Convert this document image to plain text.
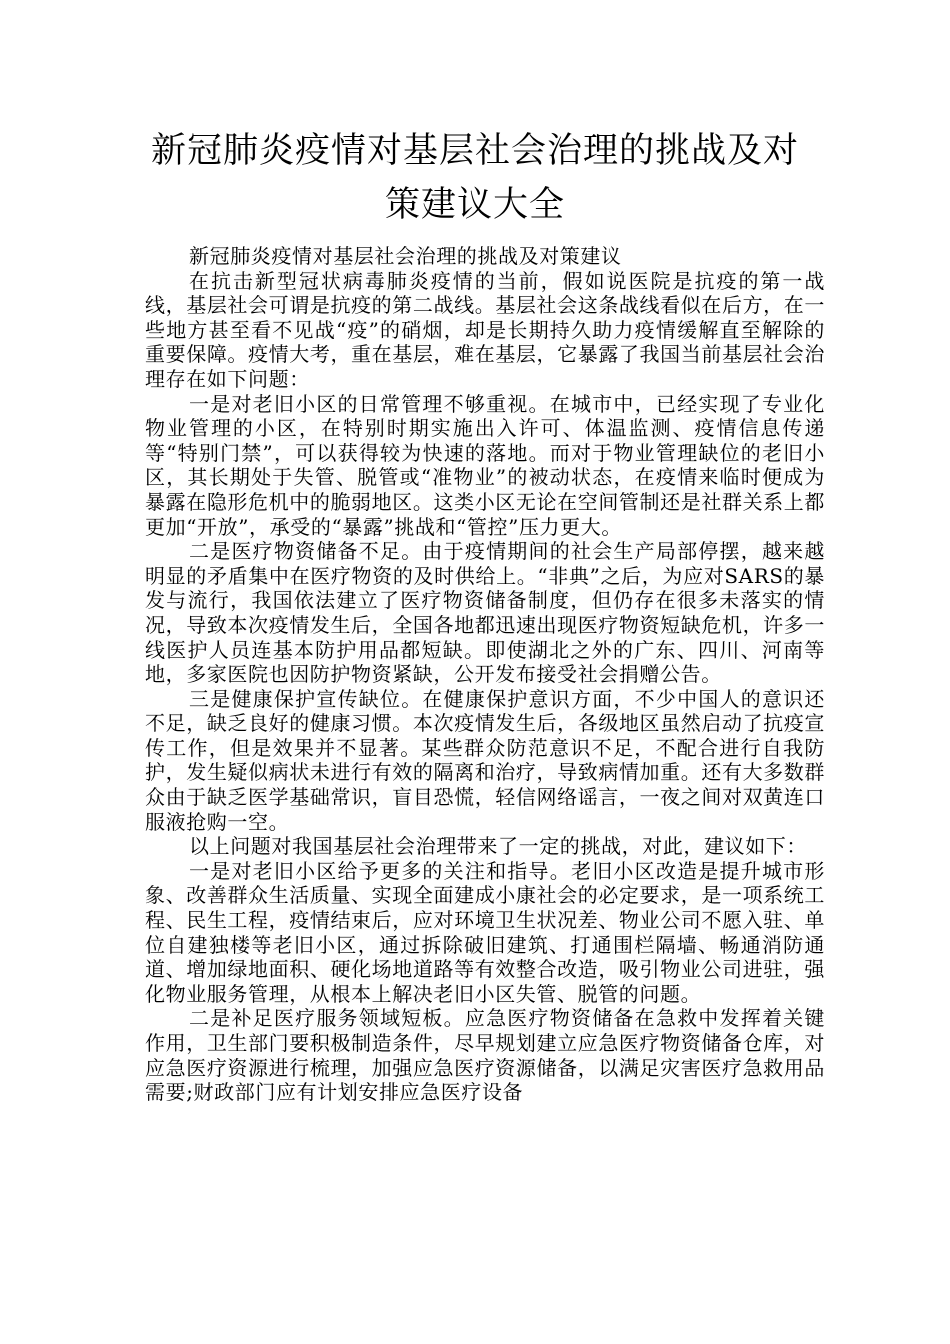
新冠肺炎疫情对基层社会治理的挑战及对策建议大全

新冠肺炎疫情对基层社会治理的挑战及对策建议

在抗击新型冠状病毒肺炎疫情的当前，假如说医院是抗疫的第一战线，基层社会可谓是抗疫的第二战线。基层社会这条战线看似在后方，在一些地方甚至看不见战“疫”的硝烟，却是长期持久助力疫情缓解直至解除的重要保障。疫情大考，重在基层，难在基层，它暴露了我国当前基层社会治理存在如下问题：

一是对老旧小区的日常管理不够重视。在城市中，已经实现了专业化物业管理的小区，在特别时期实施出入许可、体温监测、疫情信息传递等“特别门禁”，可以获得较为快速的落地。而对于物业管理缺位的老旧小区，其长期处于失管、脱管或“准物业”的被动状态，在疫情来临时便成为暴露在隐形危机中的脆弱地区。这类小区无论在空间管制还是社群关系上都更加“开放”，承受的“暴露”挑战和“管控”压力更大。

二是医疗物资储备不足。由于疫情期间的社会生产局部停摆，越来越明显的矛盾集中在医疗物资的及时供给上。“非典”之后，为应对SARS的暴发与流行，我国依法建立了医疗物资储备制度，但仍存在很多未落实的情况，导致本次疫情发生后，全国各地都迅速出现医疗物资短缺危机，许多一线医护人员连基本防护用品都短缺。即使湖北之外的广东、四川、河南等地，多家医院也因防护物资紧缺，公开发布接受社会捐赠公告。

三是健康保护宣传缺位。在健康保护意识方面，不少中国人的意识还不足，缺乏良好的健康习惯。本次疫情发生后，各级地区虽然启动了抗疫宣传工作，但是效果并不显著。某些群众防范意识不足，不配合进行自我防护，发生疑似病状未进行有效的隔离和治疗，导致病情加重。还有大多数群众由于缺乏医学基础常识，盲目恐慌，轻信网络谣言，一夜之间对双黄连口服液抢购一空。

以上问题对我国基层社会治理带来了一定的挑战，对此，建议如下：

一是对老旧小区给予更多的关注和指导。老旧小区改造是提升城市形象、改善群众生活质量、实现全面建成小康社会的必定要求，是一项系统工程、民生工程，疫情结束后，应对环境卫生状况差、物业公司不愿入驻、单位自建独楼等老旧小区，通过拆除破旧建筑、打通围栏隔墙、畅通消防通道、增加绿地面积、硬化场地道路等有效整合改造，吸引物业公司进驻，强化物业服务管理，从根本上解决老旧小区失管、脱管的问题。

二是补足医疗服务领域短板。应急医疗物资储备在急救中发挥着关键作用，卫生部门要积极制造条件，尽早规划建立应急医疗物资储备仓库，对应急医疗资源进行梳理，加强应急医疗资源储备，以满足灾害医疗急救用品需要;财政部门应有计划安排应急医疗设备
